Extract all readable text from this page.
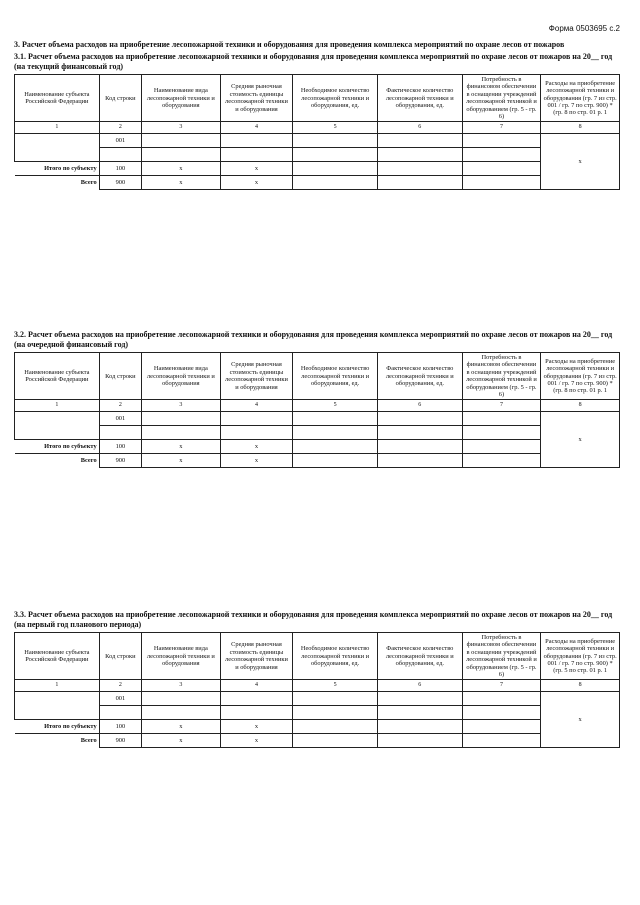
Форма 0503695 с.2
3. Расчет объема расходов на приобретение лесопожарной техники и оборудования для проведения комплекса мероприятий по охране лесов от пожаров
3.1. Расчет объема расходов на приобретение лесопожарной техники и оборудования для проведения комплекса мероприятий по охране лесов от пожаров на 20__ год (на текущий финансовый год)
Наименование субъекта Российской Федерации	Код строки	Наименование вида лесопожарной техники и оборудования	Средняя рыночная стоимость единицы лесопожарной техники и оборудования	Необходимое количество лесопожарной техники и оборудования, ед.	Фактическое количество лесопожарной техники и оборудования, ед.	Потребность в финансовом обеспечении в оснащении учреждений лесопожарной техникой и оборудованием (гр. 5 - гр. 6)	Расходы на приобретение лесопожарной техники и оборудования (гр. 7 из стр. 001 / гр. 7 по стр. 900) * (гр. 8 по стр. 01 р. 1
1	2	3	4	5	6	7	8
	001						x

Итого по субъекту	100	x	x				
Всего	900	x	x				
3.2. Расчет объема расходов на приобретение лесопожарной техники и оборудования для проведения комплекса мероприятий по охране лесов от пожаров на 20__ год (на очередной финансовый год)
Наименование субъекта Российской Федерации	Код строки	Наименование вида лесопожарной техники и оборудования	Средняя рыночная стоимость единицы лесопожарной техники и оборудования	Необходимое количество лесопожарной техники и оборудования, ед.	Фактическое количество лесопожарной техники и оборудования, ед.	Потребность в финансовом обеспечении в оснащении учреждений лесопожарной техникой и оборудованием (гр. 5 - гр. 6)	Расходы на приобретение лесопожарной техники и оборудования (гр. 7 из стр. 001 / гр. 7 по стр. 900) * (гр. 8 по стр. 01 р. 1
1	2	3	4	5	6	7	8
	001						x

Итого по субъекту	100	x	x				
Всего	900	x	x				
3.3. Расчет объема расходов на приобретение лесопожарной техники и оборудования для проведения комплекса мероприятий по охране лесов от пожаров на 20__ год (на первый год планового периода)
Наименование субъекта Российской Федерации	Код строки	Наименование вида лесопожарной техники и оборудования	Средняя рыночная стоимость единицы лесопожарной техники и оборудования	Необходимое количество лесопожарной техники и оборудования, ед.	Фактическое количество лесопожарной техники и оборудования, ед.	Потребность в финансовом обеспечении в оснащении учреждений лесопожарной техникой и оборудованием (гр. 5 - гр. 6)	Расходы на приобретение лесопожарной техники и оборудования (гр. 7 из стр. 001 / гр. 7 по стр. 900) * (гр. 5 по стр. 01 р. 1
1	2	3	4	5	6	7	8
	001						x

Итого по субъекту	100	x	x				
Всего	900	x	x				
